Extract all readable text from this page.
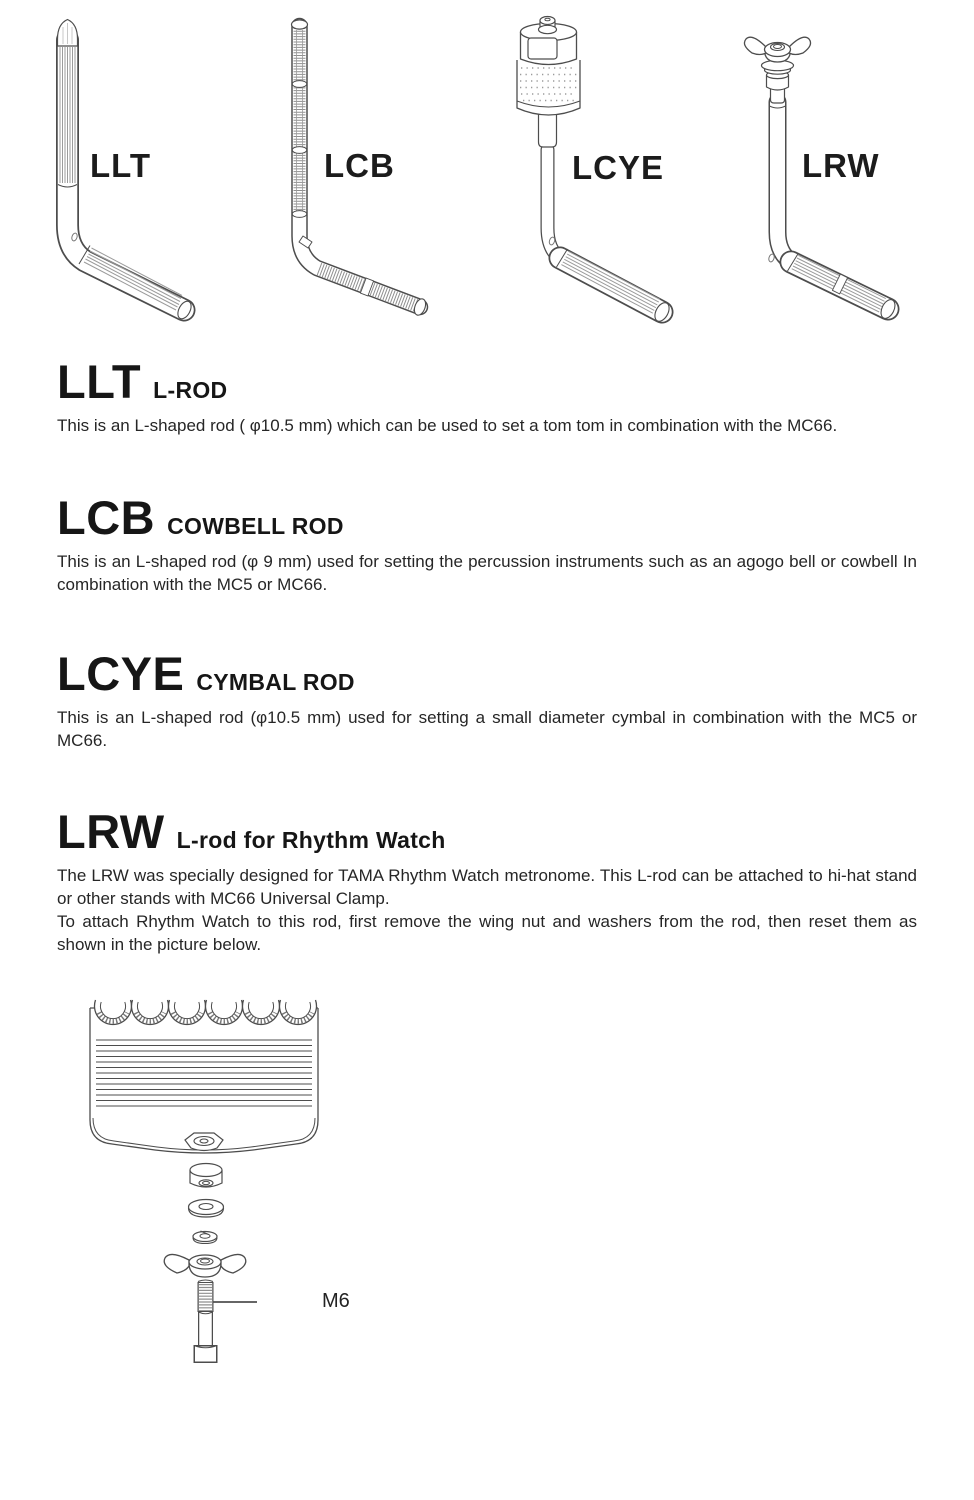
LLT	LCB	LCYE	LRW
LLT L-ROD

This is an L-shaped rod ( φ10.5 mm) which can be used to set a tom tom in combination with the MC66.

LCB COWBELL ROD

This is an L-shaped rod (φ 9 mm) used for setting the percussion instruments such as an agogo bell or cowbell In combination with the MC5 or MC66.

LCYE CYMBAL ROD

This is an L-shaped rod (φ10.5 mm) used for setting a small diameter cymbal in combination with the MC5 or MC66.

LRW L-rod for Rhythm Watch

The LRW was specially designed for TAMA Rhythm Watch metronome. This L-rod can be attached to hi-hat stand or other stands with MC66 Universal Clamp.

To attach Rhythm Watch to this rod, first remove the wing nut and washers from the rod, then reset them as shown in the picture below.

M6
